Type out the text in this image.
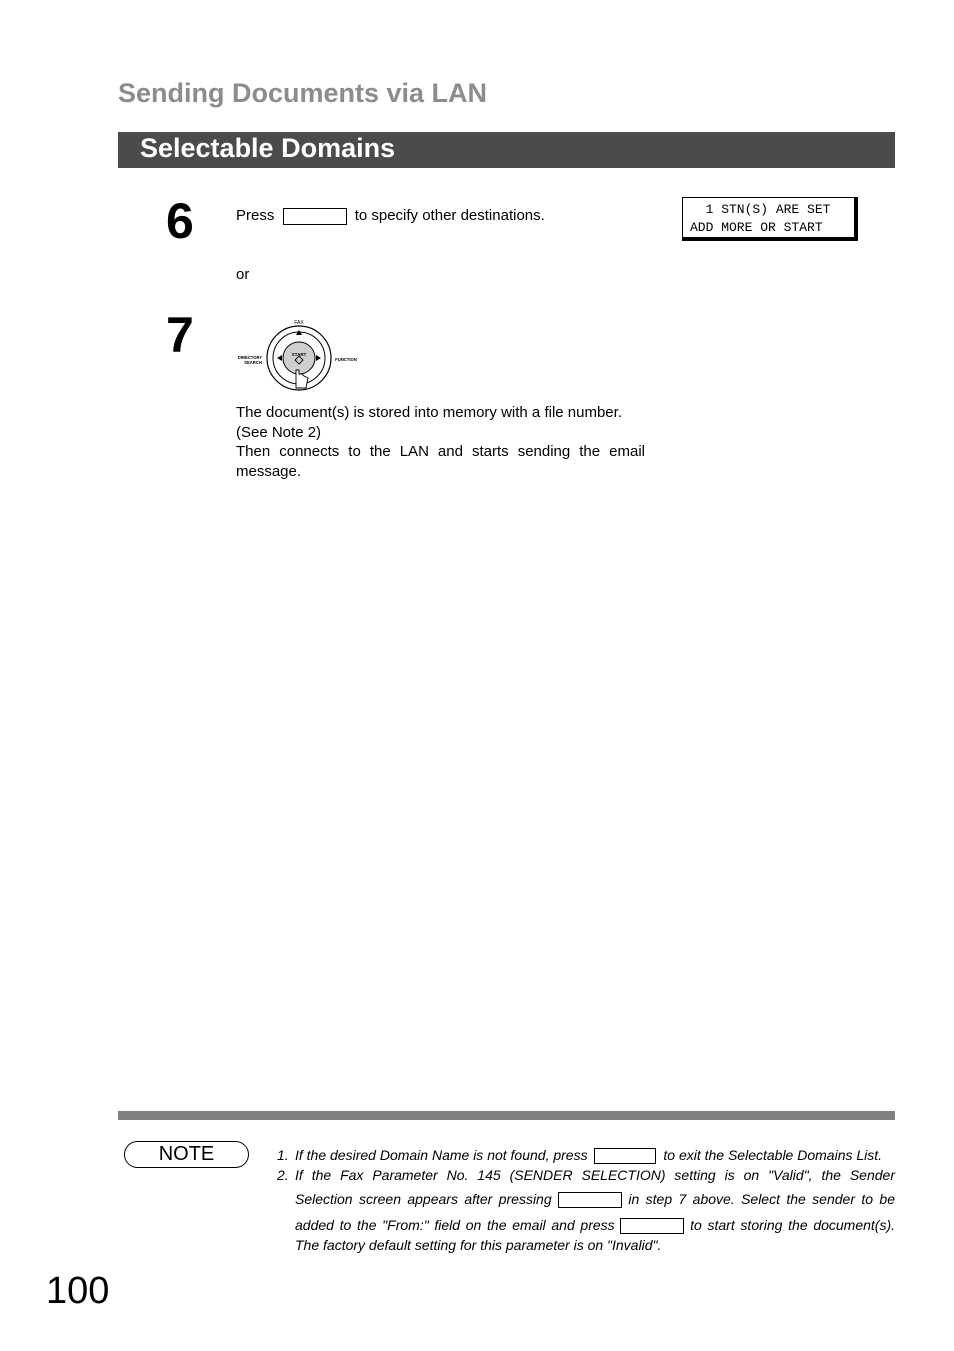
Sending Documents via LAN
Selectable Domains
6	Press	to specify other destinations.	1 STN(S) ARE SET
ADD MORE OR START
or
7	FAX
DIRECTORY
SEARCH
FUNCTION
START
The document(s) is stored into memory with a file number.
(See Note 2)
Then connects to the LAN and starts sending the email
message.
NOTE	1. If the desired Domain Name is not found, press	to exit the Selectable Domains List.
2. If the Fax Parameter No. 145 (SENDER SELECTION) setting is on "Valid", the Sender
Selection screen appears after pressing	in step 7 above. Select the sender to be
added to the "From:" field on the email and press	to start storing the document(s).
The factory default setting for this parameter is on "Invalid".
100
